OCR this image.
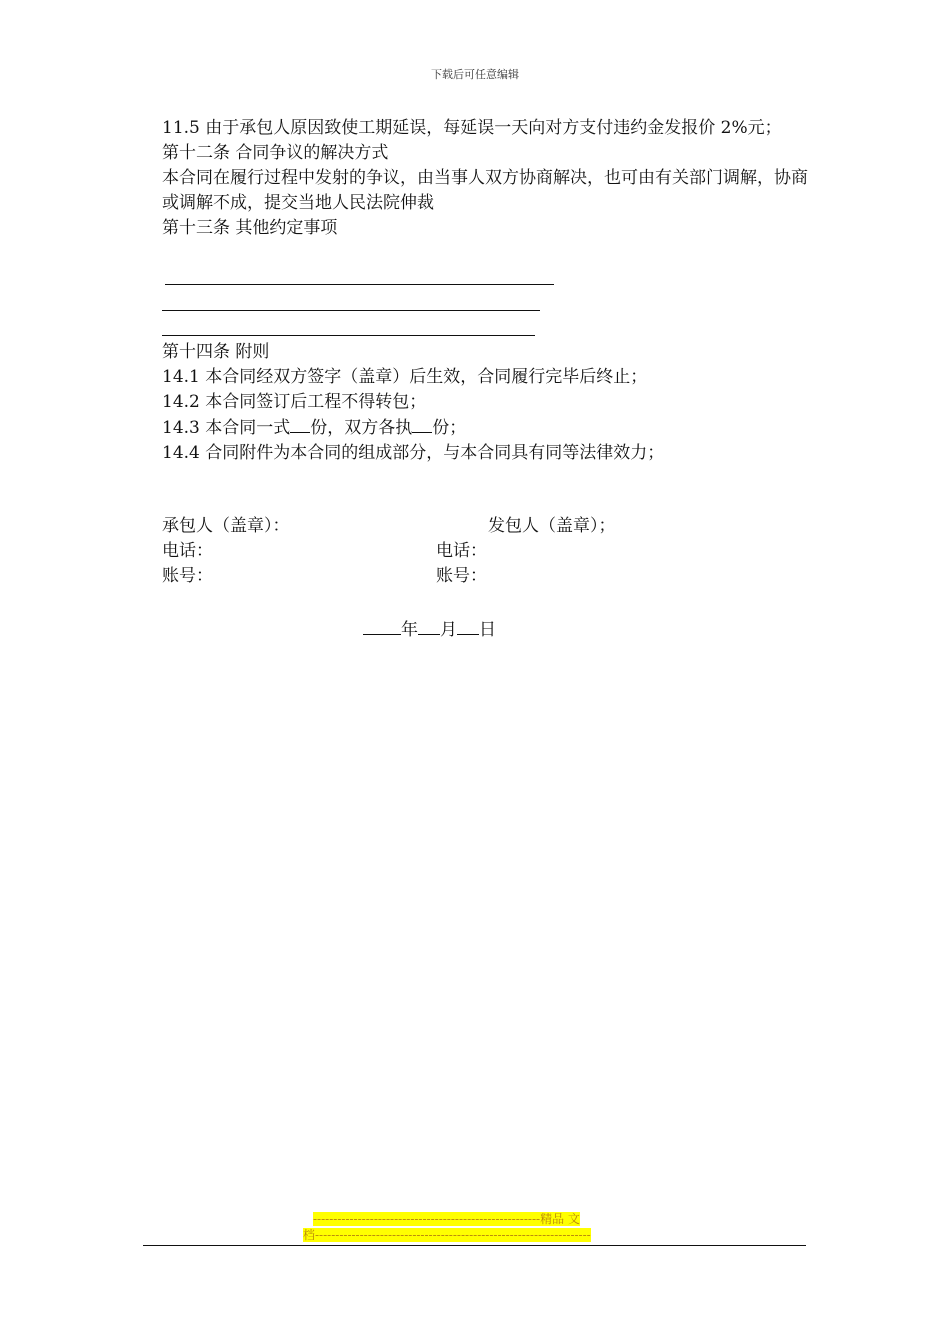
下载后可任意编辑
11.5 由于承包人原因致使工期延误，每延误一天向对方支付违约金发报价 2%元；
第十二条 合同争议的解决方式
本合同在履行过程中发射的争议，由当事人双方协商解决，也可由有关部门调解，协商或调解不成，提交当地人民法院伸裁
第十三条 其他约定事项
第十四条 附则
14.1 本合同经双方签字（盖章）后生效，合同履行完毕后终止；
14.2 本合同签订后工程不得转包；
14.3 本合同一式 份，双方各执 份；
14.4 合同附件为本合同的组成部分，与本合同具有同等法律效力；
承包人（盖章）：	发包人（盖章）；
电话：	电话：
账号：	账号：
年 月 日
--------------------------------------------------------精品 文
档--------------------------------------------------------------------
